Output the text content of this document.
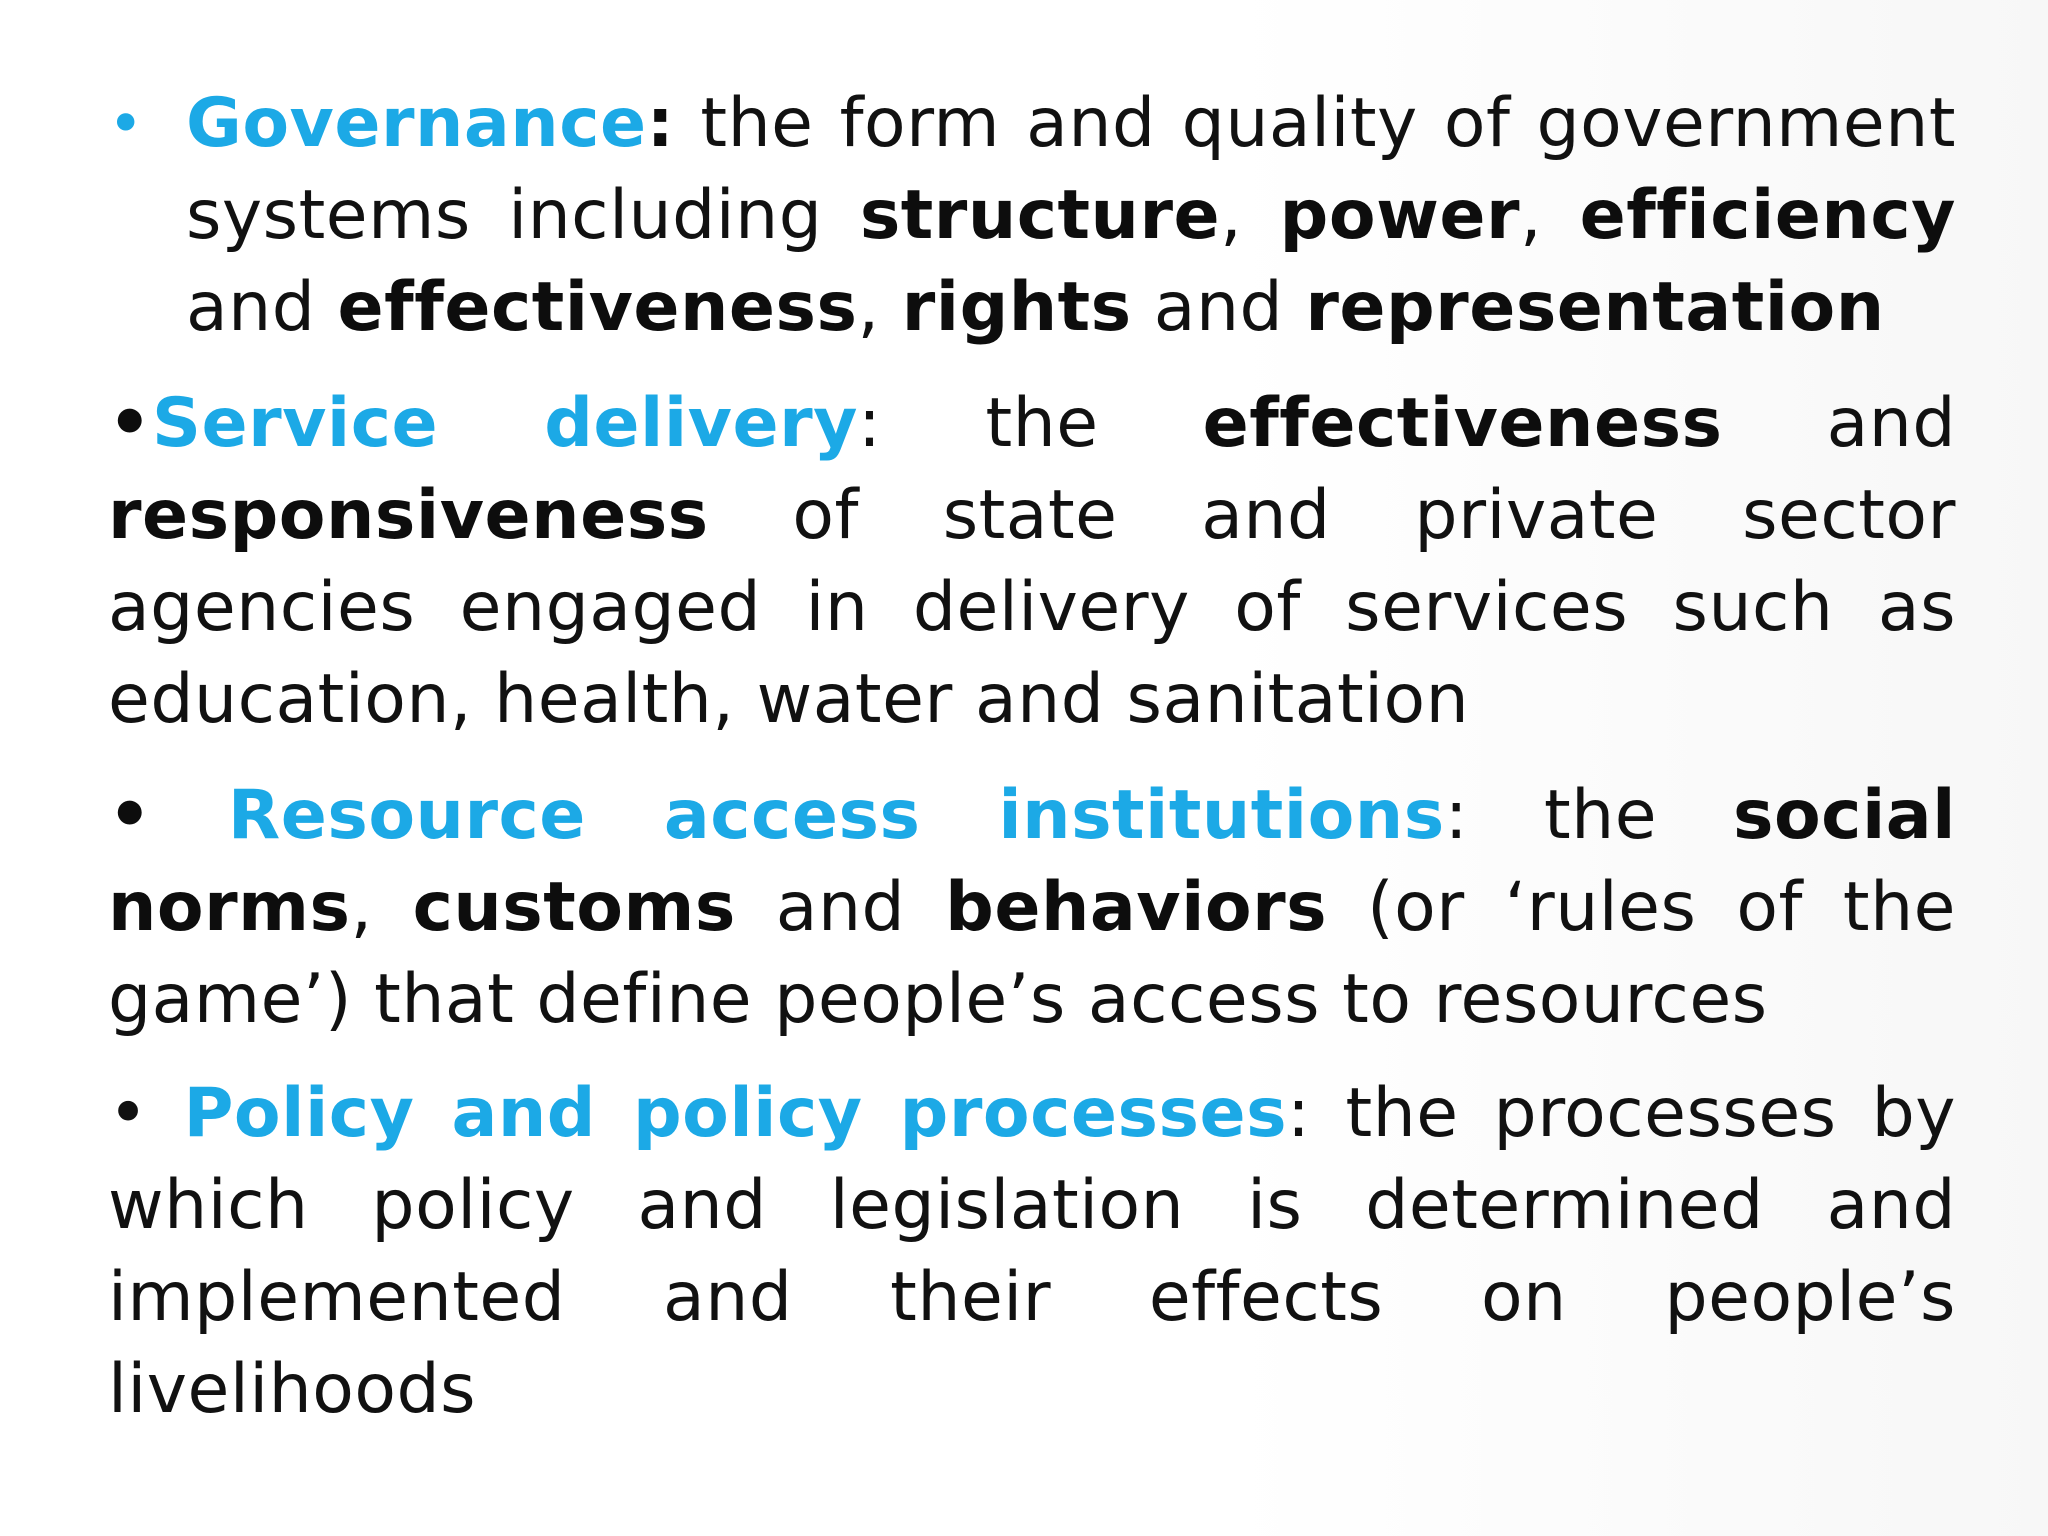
• Governance: the form and quality of government systems including structure, power, efficiency and effectiveness, rights and representation
•Service delivery: the effectiveness and responsiveness of state and private sector agencies engaged in delivery of services such as education, health, water and sanitation
• Resource access institutions: the social norms, customs and behaviors (or ‘rules of the game’) that define people’s access to resources
• Policy and policy processes: the processes by which policy and legislation is determined and implemented and their effects on people’s livelihoods
